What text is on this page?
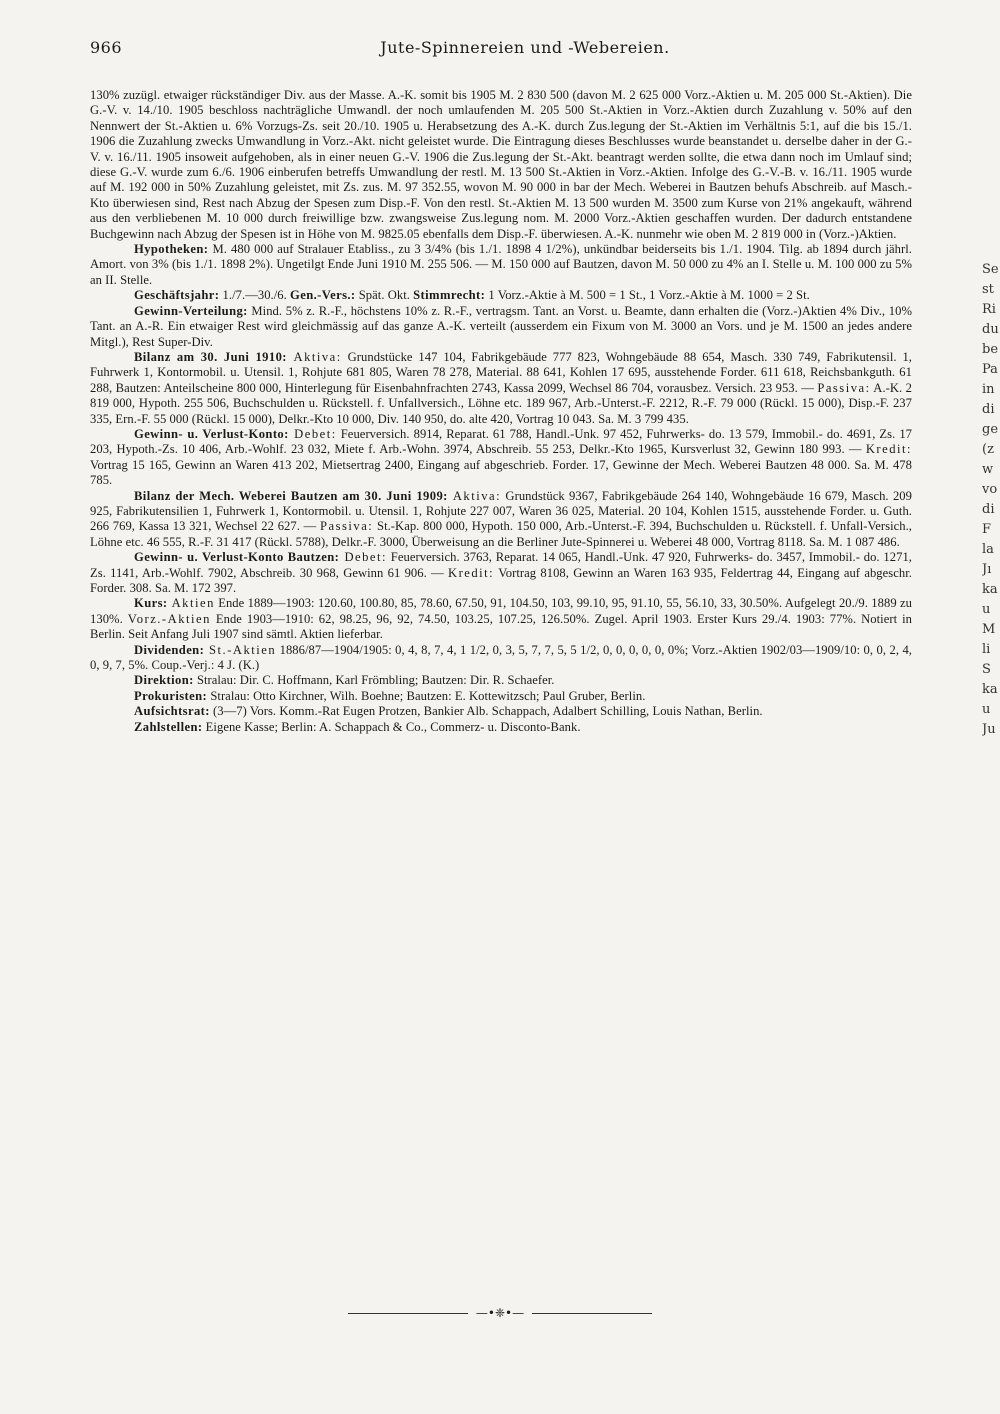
966	Jute-Spinnereien und -Webereien.

130% zuzügl. etwaiger rückständiger Div. aus der Masse. A.-K. somit bis 1905 M. 2 830 500 (davon M. 2 625 000 Vorz.-Aktien u. M. 205 000 St.-Aktien). Die G.-V. v. 14./10. 1905 beschloss nachträgliche Umwandl. der noch umlaufenden M. 205 500 St.-Aktien in Vorz.-Aktien durch Zuzahlung v. 50% auf den Nennwert der St.-Aktien u. 6% Vorzugs-Zs. seit 20./10. 1905 u. Herabsetzung des A.-K. durch Zus.legung der St.-Aktien im Verhältnis 5:1, auf die bis 15./1. 1906 die Zuzahlung zwecks Umwandlung in Vorz.-Akt. nicht geleistet wurde. Die Eintragung dieses Beschlusses wurde beanstandet u. derselbe daher in der G.-V. v. 16./11. 1905 insoweit aufgehoben, als in einer neuen G.-V. 1906 die Zus.legung der St.-Akt. beantragt werden sollte, die etwa dann noch im Umlauf sind; diese G.-V. wurde zum 6./6. 1906 einberufen betreffs Umwandlung der restl. M. 13 500 St.-Aktien in Vorz.-Aktien. Infolge des G.-V.-B. v. 16./11. 1905 wurde auf M. 192 000 in 50% Zuzahlung geleistet, mit Zs. zus. M. 97 352.55, wovon M. 90 000 in bar der Mech. Weberei in Bautzen behufs Abschreib. auf Masch.-Kto überwiesen sind, Rest nach Abzug der Spesen zum Disp.-F. Von den restl. St.-Aktien M. 13 500 wurden M. 3500 zum Kurse von 21% angekauft, während aus den verbliebenen M. 10 000 durch freiwillige bzw. zwangsweise Zus.legung nom. M. 2000 Vorz.-Aktien geschaffen wurden. Der dadurch entstandene Buchgewinn nach Abzug der Spesen ist in Höhe von M. 9825.05 ebenfalls dem Disp.-F. überwiesen. A.-K. nunmehr wie oben M. 2 819 000 in (Vorz.-)Aktien.

Hypotheken: M. 480 000 auf Stralauer Etabliss., zu 3 3/4% (bis 1./1. 1898 4 1/2%), unkündbar beiderseits bis 1./1. 1904. Tilg. ab 1894 durch jährl. Amort. von 3% (bis 1./1. 1898 2%). Ungetilgt Ende Juni 1910 M. 255 506. — M. 150 000 auf Bautzen, davon M. 50 000 zu 4% an I. Stelle u. M. 100 000 zu 5% an II. Stelle.

Geschäftsjahr: 1./7.—30./6. Gen.-Vers.: Spät. Okt. Stimmrecht: 1 Vorz.-Aktie à M. 500 = 1 St., 1 Vorz.-Aktie à M. 1000 = 2 St.

Gewinn-Verteilung: Mind. 5% z. R.-F., höchstens 10% z. R.-F., vertragsm. Tant. an Vorst. u. Beamte, dann erhalten die (Vorz.-)Aktien 4% Div., 10% Tant. an A.-R. Ein etwaiger Rest wird gleichmässig auf das ganze A.-K. verteilt (ausserdem ein Fixum von M. 3000 an Vors. und je M. 1500 an jedes andere Mitgl.), Rest Super-Div.

Bilanz am 30. Juni 1910: Aktiva: Grundstücke 147 104, Fabrikgebäude 777 823, Wohngebäude 88 654, Masch. 330 749, Fabrikutensil. 1, Fuhrwerk 1, Kontormobil. u. Utensil. 1, Rohjute 681 805, Waren 78 278, Material. 88 641, Kohlen 17 695, ausstehende Forder. 611 618, Reichsbankguth. 61 288, Bautzen: Anteilscheine 800 000, Hinterlegung für Eisenbahnfrachten 2743, Kassa 2099, Wechsel 86 704, vorausbez. Versich. 23 953. — Passiva: A.-K. 2 819 000, Hypoth. 255 506, Buchschulden u. Rückstell. f. Unfallversich., Löhne etc. 189 967, Arb.-Unterst.-F. 2212, R.-F. 79 000 (Rückl. 15 000), Disp.-F. 237 335, Ern.-F. 55 000 (Rückl. 15 000), Delkr.-Kto 10 000, Div. 140 950, do. alte 420, Vortrag 10 043. Sa. M. 3 799 435.

Gewinn- u. Verlust-Konto: Debet: Feuerversich. 8914, Reparat. 61 788, Handl.-Unk. 97 452, Fuhrwerks- do. 13 579, Immobil.- do. 4691, Zs. 17 203, Hypoth.-Zs. 10 406, Arb.-Wohlf. 23 032, Miete f. Arb.-Wohn. 3974, Abschreib. 55 253, Delkr.-Kto 1965, Kursverlust 32, Gewinn 180 993. — Kredit: Vortrag 15 165, Gewinn an Waren 413 202, Mietsertrag 2400, Eingang auf abgeschrieb. Forder. 17, Gewinne der Mech. Weberei Bautzen 48 000. Sa. M. 478 785.

Bilanz der Mech. Weberei Bautzen am 30. Juni 1909: Aktiva: Grundstück 9367, Fabrikgebäude 264 140, Wohngebäude 16 679, Masch. 209 925, Fabrikutensilien 1, Fuhrwerk 1, Kontormobil. u. Utensil. 1, Rohjute 227 007, Waren 36 025, Material. 20 104, Kohlen 1515, ausstehende Forder. u. Guth. 266 769, Kassa 13 321, Wechsel 22 627. — Passiva: St.-Kap. 800 000, Hypoth. 150 000, Arb.-Unterst.-F. 394, Buchschulden u. Rückstell. f. Unfall-Versich., Löhne etc. 46 555, R.-F. 31 417 (Rückl. 5788), Delkr.-F. 3000, Überweisung an die Berliner Jute-Spinnerei u. Weberei 48 000, Vortrag 8118. Sa. M. 1 087 486.

Gewinn- u. Verlust-Konto Bautzen: Debet: Feuerversich. 3763, Reparat. 14 065, Handl.-Unk. 47 920, Fuhrwerks- do. 3457, Immobil.- do. 1271, Zs. 1141, Arb.-Wohlf. 7902, Abschreib. 30 968, Gewinn 61 906. — Kredit: Vortrag 8108, Gewinn an Waren 163 935, Feldertrag 44, Eingang auf abgeschr. Forder. 308. Sa. M. 172 397.

Kurs: Aktien Ende 1889—1903: 120.60, 100.80, 85, 78.60, 67.50, 91, 104.50, 103, 99.10, 95, 91.10, 55, 56.10, 33, 30.50%. Aufgelegt 20./9. 1889 zu 130%. Vorz.-Aktien Ende 1903—1910: 62, 98.25, 96, 92, 74.50, 103.25, 107.25, 126.50%. Zugel. April 1903. Erster Kurs 29./4. 1903: 77%. Notiert in Berlin. Seit Anfang Juli 1907 sind sämtl. Aktien lieferbar.

Dividenden: St.-Aktien 1886/87—1904/1905: 0, 4, 8, 7, 4, 1 1/2, 0, 3, 5, 7, 7, 5, 5 1/2, 0, 0, 0, 0, 0, 0%; Vorz.-Aktien 1902/03—1909/10: 0, 0, 2, 4, 0, 9, 7, 5%. Coup.-Verj.: 4 J. (K.)

Direktion: Stralau: Dir. C. Hoffmann, Karl Frömbling; Bautzen: Dir. R. Schaefer.

Prokuristen: Stralau: Otto Kirchner, Wilh. Boehne; Bautzen: E. Kottewitzsch; Paul Gruber, Berlin.

Aufsichtsrat: (3—7) Vors. Komm.-Rat Eugen Protzen, Bankier Alb. Schappach, Adalbert Schilling, Louis Nathan, Berlin.

Zahlstellen: Eigene Kasse; Berlin: A. Schappach & Co., Commerz- u. Disconto-Bank.

—•❈•—
Se
st
Ri
du
be
Pa
in
di
ge
(z
w
vo
di
F
la
Jı
ka
u
M
li
S
ka
u
Ju
